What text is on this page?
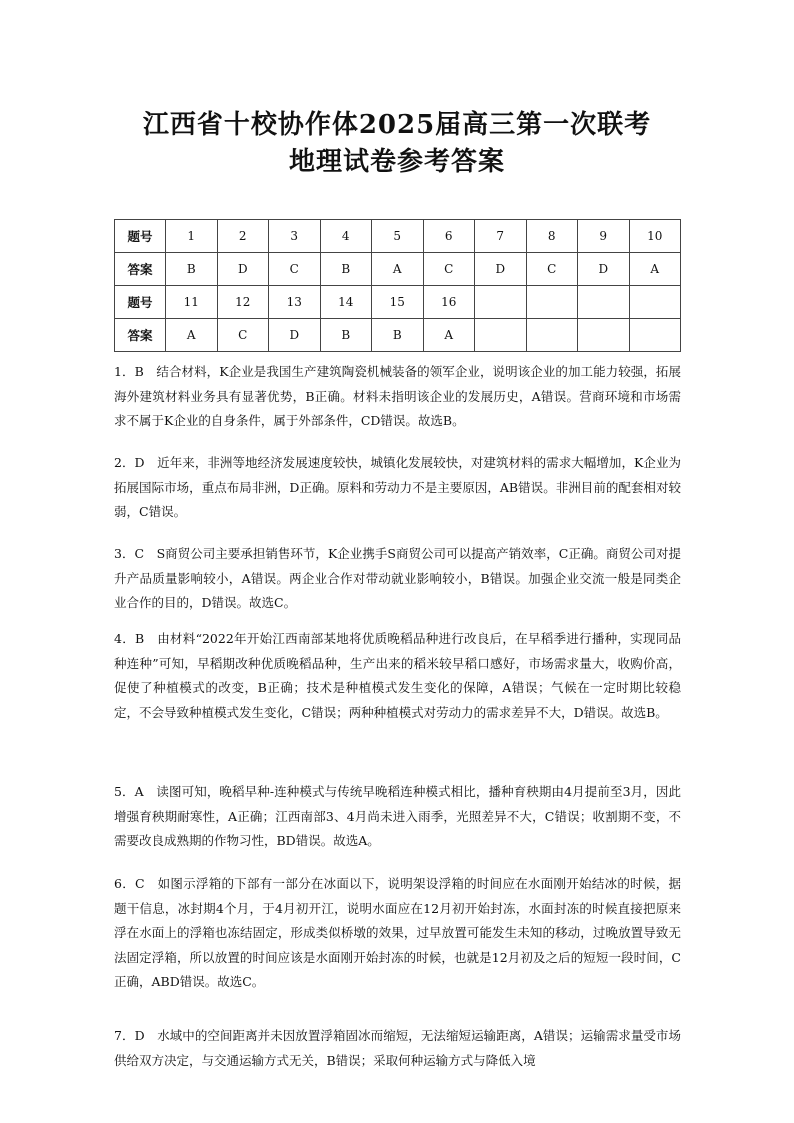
江西省十校协作体2025届高三第一次联考
地理试卷参考答案
题号	1	2	3	4	5	6	7	8	9	10
答案	B	D	C	B	A	C	D	C	D	A
题号	11	12	13	14	15	16				
答案	A	C	D	B	B	A				

1．B　结合材料，K企业是我国生产建筑陶瓷机械装备的领军企业，说明该企业的加工能力较强，拓展海外建筑材料业务具有显著优势，B正确。材料未指明该企业的发展历史，A错误。营商环境和市场需求不属于K企业的自身条件，属于外部条件，CD错误。故选B。

2．D　近年来，非洲等地经济发展速度较快，城镇化发展较快，对建筑材料的需求大幅增加，K企业为拓展国际市场，重点布局非洲，D正确。原料和劳动力不是主要原因，AB错误。非洲目前的配套相对较弱，C错误。

3．C　S商贸公司主要承担销售环节，K企业携手S商贸公司可以提高产销效率，C正确。商贸公司对提升产品质量影响较小，A错误。两企业合作对带动就业影响较小，B错误。加强企业交流一般是同类企业合作的目的，D错误。故选C。

4．B　由材料“2022年开始江西南部某地将优质晚稻品种进行改良后，在早稻季进行播种，实现同品种连种”可知，早稻期改种优质晚稻品种，生产出来的稻米较早稻口感好，市场需求量大，收购价高，促使了种植模式的改变，B正确；技术是种植模式发生变化的保障，A错误；气候在一定时期比较稳定，不会导致种植模式发生变化，C错误；两种种植模式对劳动力的需求差异不大，D错误。故选B。

5．A　读图可知，晚稻早种-连种模式与传统早晚稻连种模式相比，播种育秧期由4月提前至3月，因此增强育秧期耐寒性，A正确；江西南部3、4月尚未进入雨季，光照差异不大，C错误；收割期不变，不需要改良成熟期的作物习性，BD错误。故选A。

6．C　如图示浮箱的下部有一部分在冰面以下，说明架设浮箱的时间应在水面刚开始结冰的时候，据题干信息，冰封期4个月，于4月初开江，说明水面应在12月初开始封冻，水面封冻的时候直接把原来浮在水面上的浮箱也冻结固定，形成类似桥墩的效果，过早放置可能发生未知的移动，过晚放置导致无法固定浮箱，所以放置的时间应该是水面刚开始封冻的时候，也就是12月初及之后的短短一段时间，C正确，ABD错误。故选C。

7．D　水域中的空间距离并未因放置浮箱固冰而缩短，无法缩短运输距离，A错误；运输需求量受市场供给双方决定，与交通运输方式无关，B错误；采取何种运输方式与降低入境
